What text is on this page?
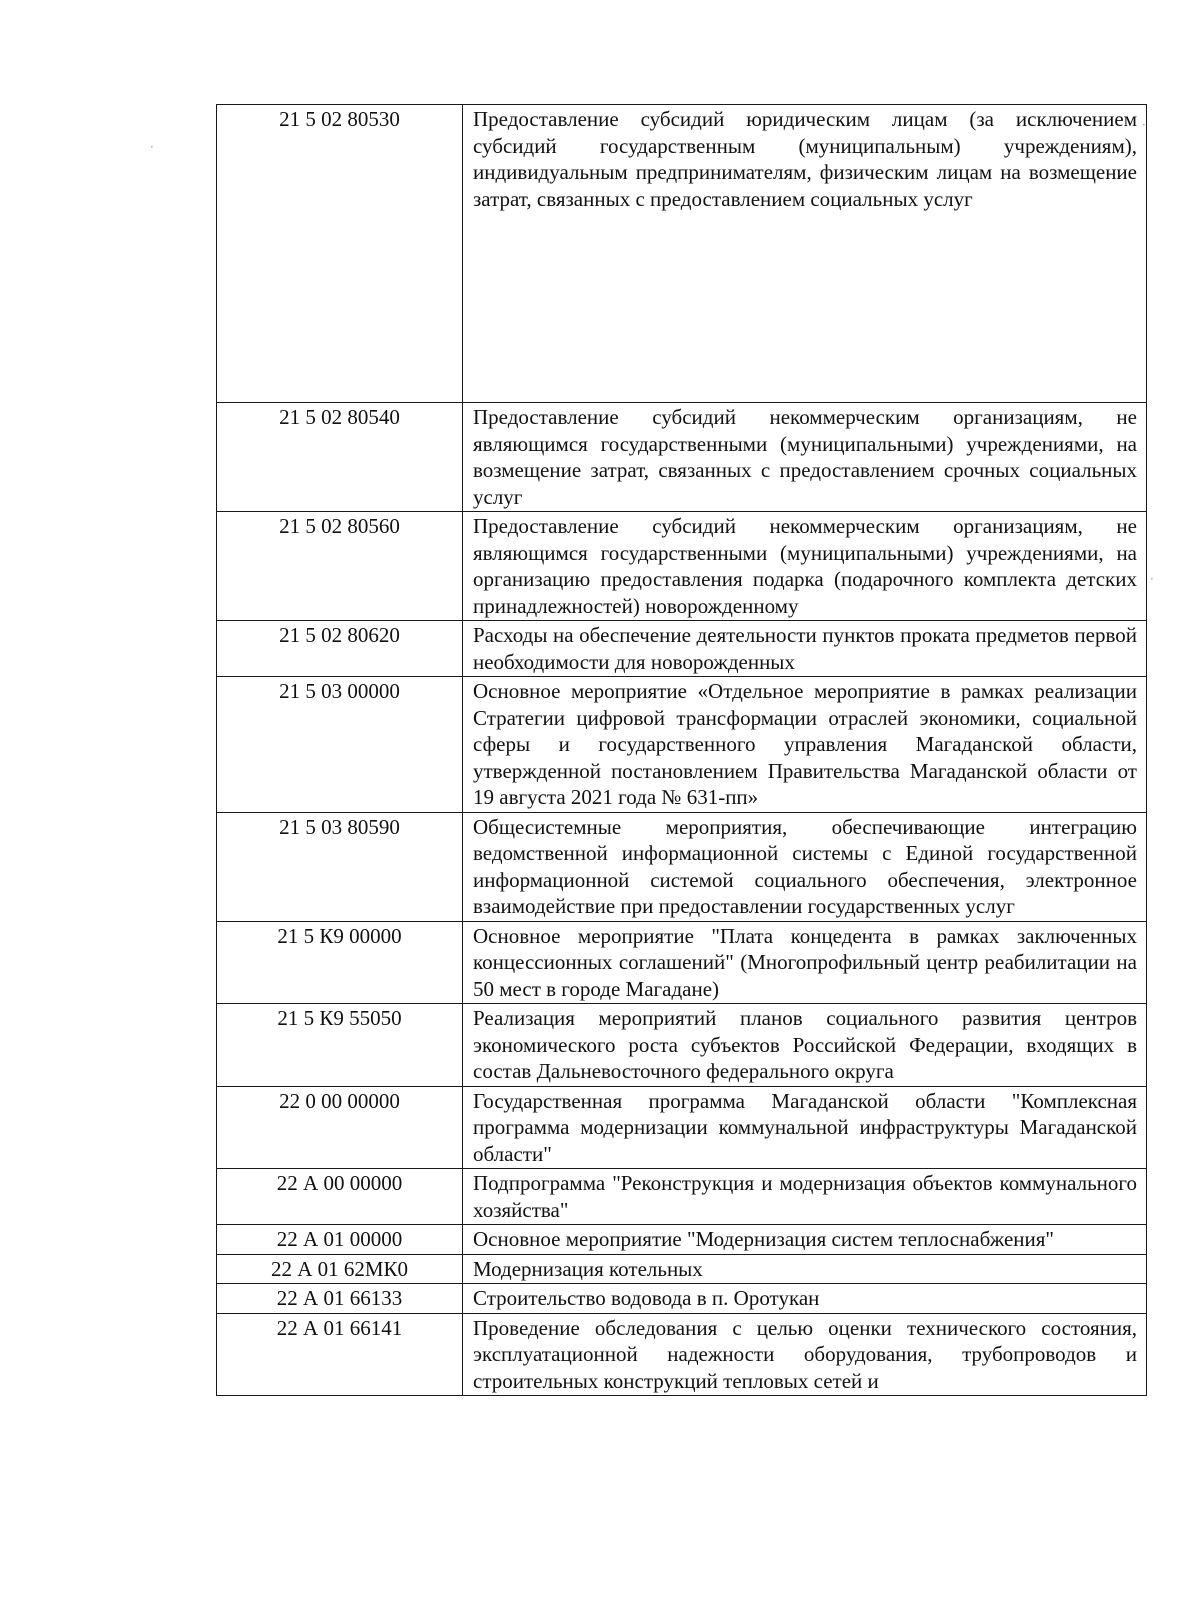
21 5 02 80530	Предоставление субсидий юридическим лицам (за исключением субсидий государственным (муниципальным) учреждениям), индивидуальным предпринимателям, физическим лицам на возмещение затрат, связанных с предоставлением социальных услуг
21 5 02 80540	Предоставление субсидий некоммерческим организациям, не являющимся государственными (муниципальными) учреждениями, на возмещение затрат, связанных с предоставлением срочных социальных услуг
21 5 02 80560	Предоставление субсидий некоммерческим организациям, не являющимся государственными (муниципальными) учреждениями, на организацию предоставления подарка (подарочного комплекта детских принадлежностей) новорожденному
21 5 02 80620	Расходы на обеспечение деятельности пунктов проката предметов первой необходимости для новорожденных
21 5 03 00000	Основное мероприятие «Отдельное мероприятие в рамках реализации Стратегии цифровой трансформации отраслей экономики, социальной сферы и государственного управления Магаданской области, утвержденной постановлением Правительства Магаданской области от 19 августа 2021 года № 631-пп»
21 5 03 80590	Общесистемные мероприятия, обеспечивающие интеграцию ведомственной информационной системы с Единой государственной информационной системой социального обеспечения, электронное взаимодействие при предоставлении государственных услуг
21 5 К9 00000	Основное мероприятие "Плата концедента в рамках заключенных концессионных соглашений" (Многопрофильный центр реабилитации на 50 мест в городе Магадане)
21 5 К9 55050	Реализация мероприятий планов социального развития центров экономического роста субъектов Российской Федерации, входящих в состав Дальневосточного федерального округа
22 0 00 00000	Государственная программа Магаданской области "Комплексная программа модернизации коммунальной инфраструктуры Магаданской области"
22 А 00 00000	Подпрограмма "Реконструкция и модернизация объектов коммунального хозяйства"
22 А 01 00000	Основное мероприятие "Модернизация систем теплоснабжения"
22 А 01 62МК0	Модернизация котельных
22 А 01 66133	Строительство водовода в п. Оротукан
22 А 01 66141	Проведение обследования с целью оценки технического состояния, эксплуатационной надежности оборудования, трубопроводов и строительных конструкций тепловых сетей и
·
·
·
